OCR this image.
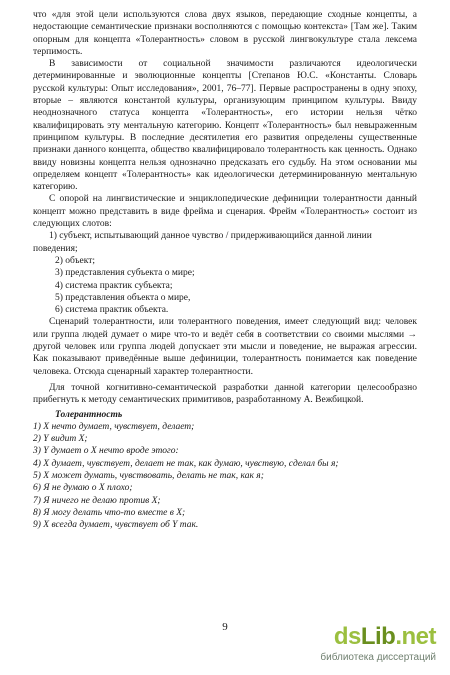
что «для этой цели используются слова двух языков, передающие сходные концепты, а недостающие семантические признаки восполняются с помощью контекста» [Там же]. Таким опорным для концепта «Толерантность» словом в русской лингвокультуре стала лексема терпимость.

В зависимости от социальной значимости различаются идеологически детерминированные и эволюционные концепты [Степанов Ю.С. «Константы. Словарь русской культуры: Опыт исследования», 2001, 76–77]. Первые распространены в одну эпоху, вторые – являются константой культуры, организующим принципом культуры. Ввиду неоднозначного статуса концепта «Толерантность», его истории нельзя чётко квалифицировать эту ментальную категорию. Концепт «Толерантность» был невыраженным принципом культуры. В последние десятилетия его развития определены существенные признаки данного концепта, общество квалифицировало толерантность как ценность. Однако ввиду новизны концепта нельзя однозначно предсказать его судьбу. На этом основании мы определяем концепт «Толерантность» как идеологически детерминированную ментальную категорию.

С опорой на лингвистические и энциклопедические дефиниции толерантности данный концепт можно представить в виде фрейма и сценария. Фрейм «Толерантность» состоит из следующих слотов:

1) субъект, испытывающий данное чувство / придерживающийся данной линии поведения;
2) объект;
3) представления субъекта о мире;
4) система практик субъекта;
5) представления объекта о мире,
6) система практик объекта.

Сценарий толерантности, или толерантного поведения, имеет следующий вид: человек или группа людей думает о мире что-то и ведёт себя в соответствии со своими мыслями → другой человек или группа людей допускает эти мысли и поведение, не выражая агрессии. Как показывают приведённые выше дефиниции, толерантность понимается как поведение человека. Отсюда сценарный характер толерантности.

Для точной когнитивно-семантической разработки данной категории целесообразно прибегнуть к методу семантических примитивов, разработанному А. Вежбицкой.

Толерантность
1) X нечто думает, чувствует, делает;
2) Y видит X;
3) Y думает о X нечто вроде этого:
4) X думает, чувствует, делает не так, как думаю, чувствую, сделал бы я;
5) X может думать, чувствовать, делать не так, как я;
6) Я не думаю о X плохо;
7) Я ничего не делаю против X;
8) Я могу делать что-то вместе в X;
9) X всегда думает, чувствует об Y так.
9	dsLib.net
библиотека диссертаций
